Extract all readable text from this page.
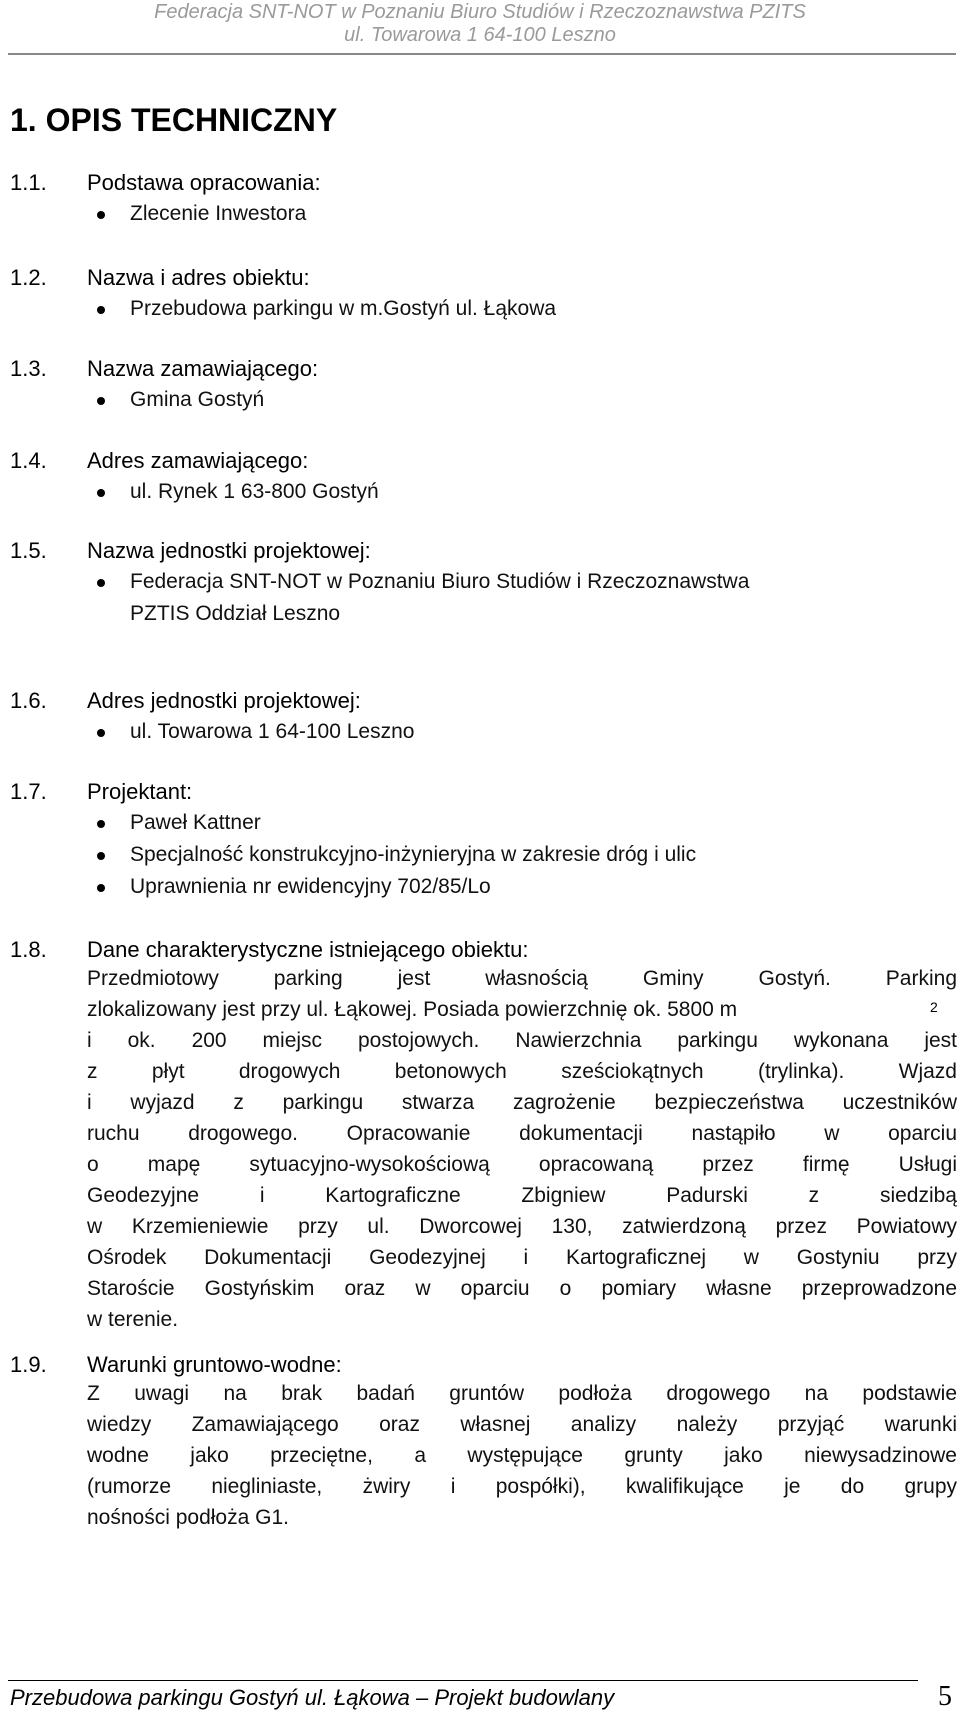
Federacja SNT-NOT w Poznaniu Biuro Studiów i Rzeczoznawstwa PZITS
ul. Towarowa 1 64-100 Leszno
1. OPIS TECHNICZNY
1.1. Podstawa opracowania:
Zlecenie Inwestora
1.2. Nazwa i adres obiektu:
Przebudowa parkingu w m.Gostyń ul. Łąkowa
1.3. Nazwa zamawiającego:
Gmina Gostyń
1.4. Adres zamawiającego:
ul. Rynek 1 63-800 Gostyń
1.5. Nazwa jednostki projektowej:
Federacja SNT-NOT w Poznaniu Biuro Studiów i Rzeczoznawstwa
PZTIS Oddział Leszno
1.6. Adres jednostki projektowej:
ul. Towarowa 1 64-100 Leszno
1.7. Projektant:
Paweł Kattner
Specjalność konstrukcyjno-inżynieryjna w zakresie dróg i ulic
Uprawnienia nr ewidencyjny 702/85/Lo
1.8. Dane charakterystyczne istniejącego obiektu:
Przedmiotowy parking jest własnością Gminy Gostyń. Parking
zlokalizowany jest przy ul. Łąkowej. Posiada powierzchnię ok. 5800 m
i ok. 200 miejsc postojowych. Nawierzchnia parkingu wykonana jest
z płyt drogowych betonowych sześciokątnych (trylinka). Wjazd
i wyjazd z parkingu stwarza zagrożenie bezpieczeństwa uczestników
ruchu drogowego. Opracowanie dokumentacji nastąpiło w oparciu
o mapę sytuacyjno-wysokościową opracowaną przez firmę Usługi
Geodezyjne i Kartograficzne Zbigniew Padurski z siedzibą
w Krzemieniewie przy ul. Dworcowej 130, zatwierdzoną przez Powiatowy
Ośrodek Dokumentacji Geodezyjnej i Kartograficznej w Gostyniu przy
Staroście Gostyńskim oraz w oparciu o pomiary własne przeprowadzone
w terenie.
2
1.9. Warunki gruntowo-wodne:
Z uwagi na brak badań gruntów podłoża drogowego na podstawie
wiedzy Zamawiającego oraz własnej analizy należy przyjąć warunki
wodne jako przeciętne, a występujące grunty jako niewysadzinowe
(rumorze niegliniaste, żwiry i pospółki), kwalifikujące je do grupy
nośności podłoża G1.
Przebudowa parkingu Gostyń ul. Łąkowa – Projekt budowlany	5
